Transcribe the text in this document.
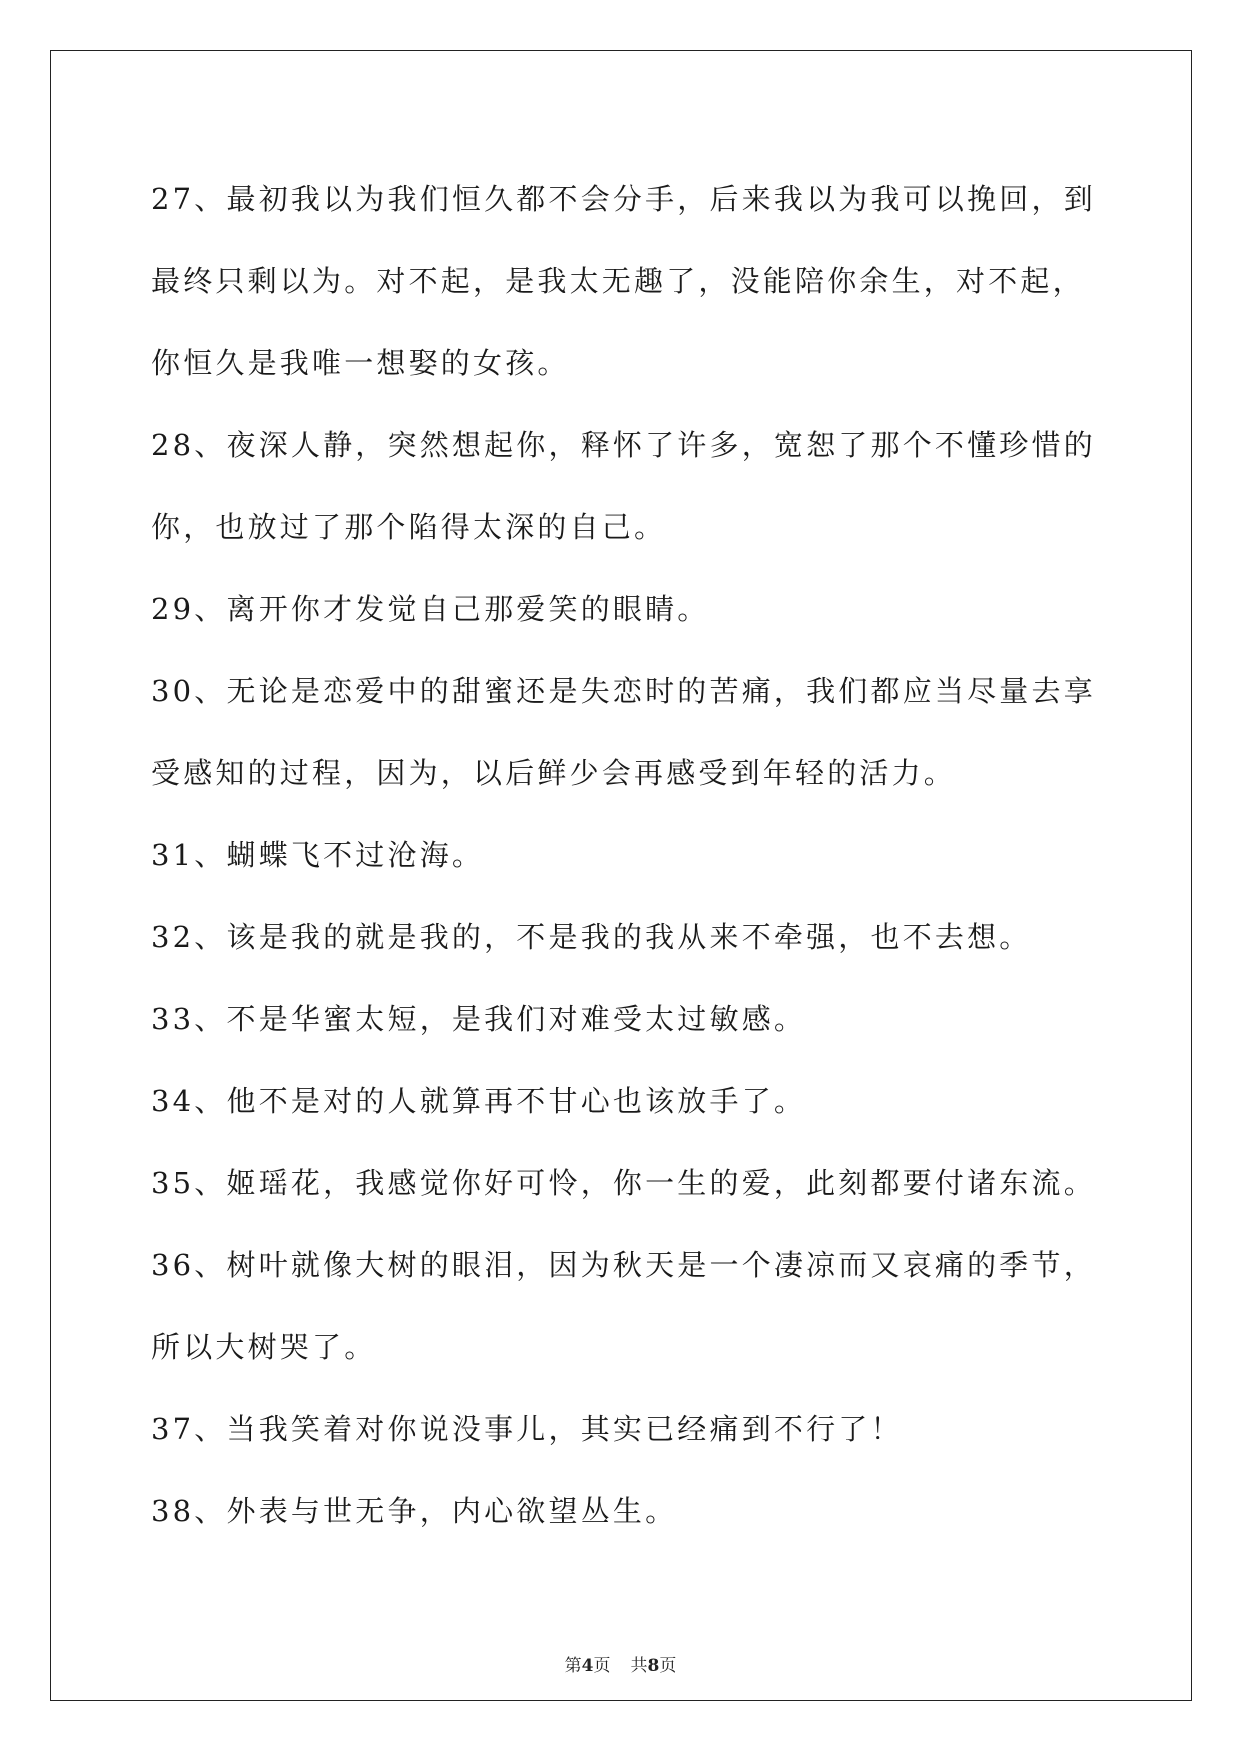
27、最初我以为我们恒久都不会分手，后来我以为我可以挽回，到最终只剩以为。对不起，是我太无趣了，没能陪你余生，对不起，你恒久是我唯一想娶的女孩。

28、夜深人静，突然想起你，释怀了许多，宽恕了那个不懂珍惜的你，也放过了那个陷得太深的自己。

29、离开你才发觉自己那爱笑的眼睛。

30、无论是恋爱中的甜蜜还是失恋时的苦痛，我们都应当尽量去享受感知的过程，因为，以后鲜少会再感受到年轻的活力。

31、蝴蝶飞不过沧海。

32、该是我的就是我的，不是我的我从来不牵强，也不去想。

33、不是华蜜太短，是我们对难受太过敏感。

34、他不是对的人就算再不甘心也该放手了。

35、姬瑶花，我感觉你好可怜，你一生的爱，此刻都要付诸东流。

36、树叶就像大树的眼泪，因为秋天是一个凄凉而又哀痛的季节，所以大树哭了。

37、当我笑着对你说没事儿，其实已经痛到不行了！

38、外表与世无争，内心欲望丛生。

第4页 共8页
